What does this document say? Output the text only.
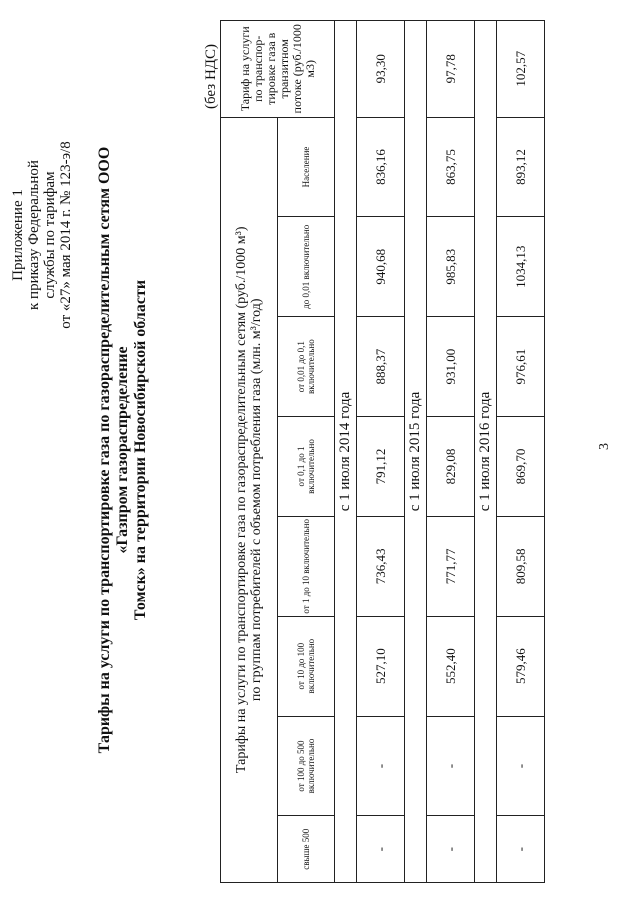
Приложение 1 к приказу Федеральной службы по тарифам от «27» мая 2014 г. № 123-э/8 Тарифы на услуги по транспортировке газа по газораспределительным сетям ООО «Газпром газораспределение Томск» на территории Новосибирской области
(без НДС)
Тарифы на услуги по транспортировке газа по газораспределительным сетям (руб./1000 м³)
по группам потребителей с объемом потребления газа (млн. м³/год)								Тариф на услуги по транспор-тировке газа в транзитном потоке (руб./1000 м3)
свыше 500	от 100 до 500 включительно	от 10 до 100 включительно	от 1 до 10 включительно	от 0,1 до 1 включительно	от 0,01 до 0,1 включительно	до 0,01 включительно	Население	
с 1 июля 2014 года								
-	-	527,10	736,43	791,12	888,37	940,68	836,16	93,30
с 1 июля 2015 года								
-	-	552,40	771,77	829,08	931,00	985,83	863,75	97,78
с 1 июля 2016 года								
-	-	579,46	809,58	869,70	976,61	1034,13	893,12	102,57
3
